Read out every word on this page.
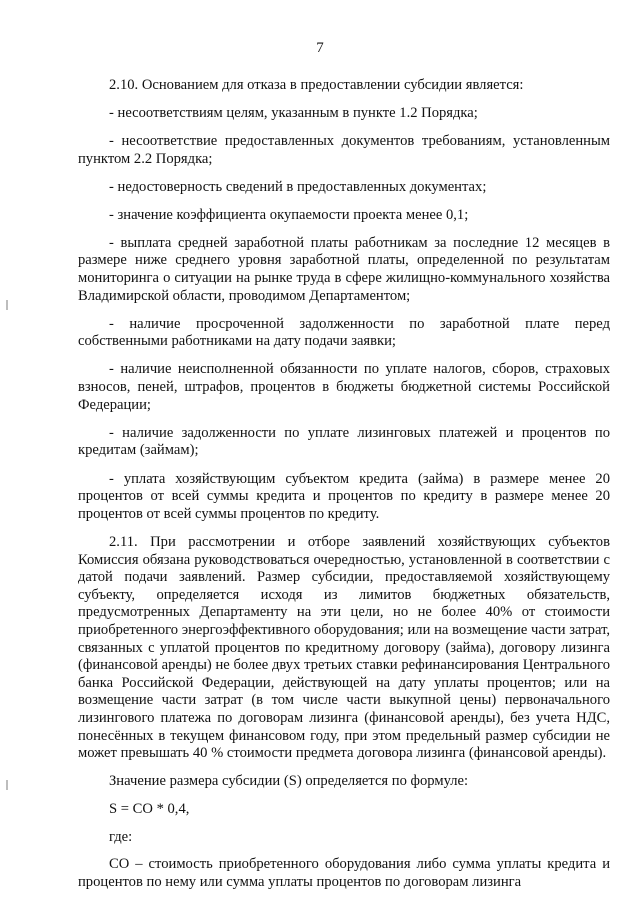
7

2.10. Основанием для отказа в предоставлении субсидии является:

- несоответствиям целям, указанным в пункте 1.2 Порядка;

- несоответствие предоставленных документов требованиям, установленным пунктом 2.2 Порядка;

- недостоверность сведений в предоставленных документах;

- значение коэффициента окупаемости проекта менее 0,1;

- выплата средней заработной платы работникам за последние 12 месяцев в размере ниже среднего уровня заработной платы, определенной по результатам мониторинга о ситуации на рынке труда в сфере жилищно-коммунального хозяйства Владимирской области, проводимом Департаментом;

- наличие просроченной задолженности по заработной плате перед собственными работниками на дату подачи заявки;

- наличие неисполненной обязанности по уплате налогов, сборов, страховых взносов, пеней, штрафов, процентов в бюджеты бюджетной системы Российской Федерации;

- наличие задолженности по уплате лизинговых платежей и процентов по кредитам (займам);

- уплата хозяйствующим субъектом кредита (займа) в размере менее 20 процентов от всей суммы кредита и процентов по кредиту в размере менее 20 процентов от всей суммы процентов по кредиту.

2.11. При рассмотрении и отборе заявлений хозяйствующих субъектов Комиссия обязана руководствоваться очередностью, установленной в соответствии с датой подачи заявлений. Размер субсидии, предоставляемой хозяйствующему субъекту, определяется исходя из лимитов бюджетных обязательств, предусмотренных Департаменту на эти цели, но не более 40% от стоимости приобретенного энергоэффективного оборудования; или на возмещение части затрат, связанных с уплатой процентов по кредитному договору (займа), договору лизинга (финансовой аренды) не более двух третьих ставки рефинансирования Центрального банка Российской Федерации, действующей на дату уплаты процентов; или на возмещение части затрат (в том числе части выкупной цены) первоначального лизингового платежа по договорам лизинга (финансовой аренды), без учета НДС, понесённых в текущем финансовом году, при этом предельный размер субсидии не может превышать 40 % стоимости предмета договора лизинга (финансовой аренды).

Значение размера субсидии (S) определяется по формуле:

S = СО * 0,4,

где:

СО – стоимость приобретенного оборудования либо сумма уплаты кредита и процентов по нему или сумма уплаты процентов по договорам лизинга
